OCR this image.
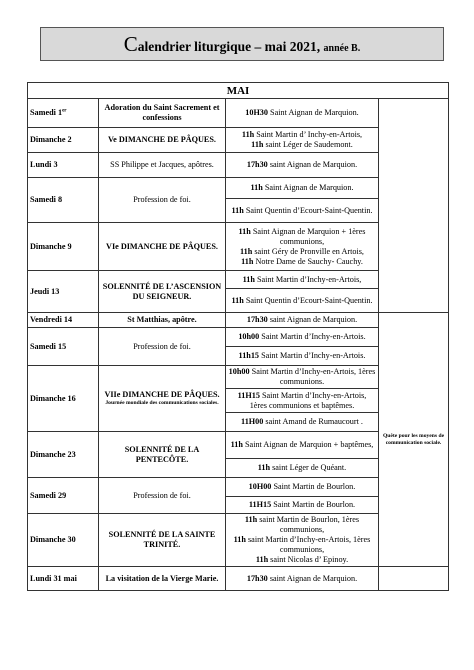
Calendrier liturgique – mai 2021, année B.
MAI			
Samedi 1er	Adoration du Saint Sacrement et confessions	10H30 Saint Aignan de Marquion.	
Dimanche 2	Ve DIMANCHE DE PÂQUES.	11h Saint Martin d’ Inchy-en-Artois,
11h saint Léger de Saudemont.	
Lundi 3	SS Philippe et Jacques, apôtres.	17h30 saint Aignan de Marquion.	
Samedi 8	Profession de foi.	11h Saint Aignan de Marquion.	
		11h Saint Quentin d’Ecourt-Saint-Quentin.	
Dimanche 9	VIe DIMANCHE DE PÂQUES.	11h Saint Aignan de Marquion + 1ères communions,
11h saint Géry de Pronville en Artois,
11h Notre Dame de Sauchy- Cauchy.	
Jeudi 13	SOLENNITÉ DE L’ASCENSION DU SEIGNEUR.	11h Saint Martin d’Inchy-en-Artois,	
		11h Saint Quentin d’Ecourt-Saint-Quentin.	
Vendredi 14	St Matthias, apôtre.	17h30 saint Aignan de Marquion.	Quête pour les moyens de communication sociale.
Samedi 15	Profession de foi.	10h00 Saint Martin d’Inchy-en-Artois.	
		11h15 Saint Martin d’Inchy-en-Artois.	
Dimanche 16	VIIe DIMANCHE DE PÂQUES.
Journée mondiale des communications sociales.	10h00 Saint Martin d’Inchy-en-Artois, 1ères communions.	
		11H15 Saint Martin d’Inchy-en-Artois, 1ères communions et baptêmes.	
		11H00 saint Amand de Rumaucourt .	
Dimanche 23	SOLENNITÉ DE LA PENTECÔTE.	11h Saint Aignan de Marquion + baptêmes,	
		11h saint Léger de Quéant.	
Samedi 29	Profession de foi.	10H00 Saint Martin de Bourlon.	
		11H15 Saint Martin de Bourlon.	
Dimanche 30	SOLENNITÉ DE LA SAINTE TRINITÉ.	11h saint Martin de Bourlon, 1ères communions,
11h saint Martin d’Inchy-en-Artois, 1ères communions,
11h saint Nicolas d’ Epinoy.	
Lundi 31 mai	La visitation de la Vierge Marie.	17h30 saint Aignan de Marquion.	
